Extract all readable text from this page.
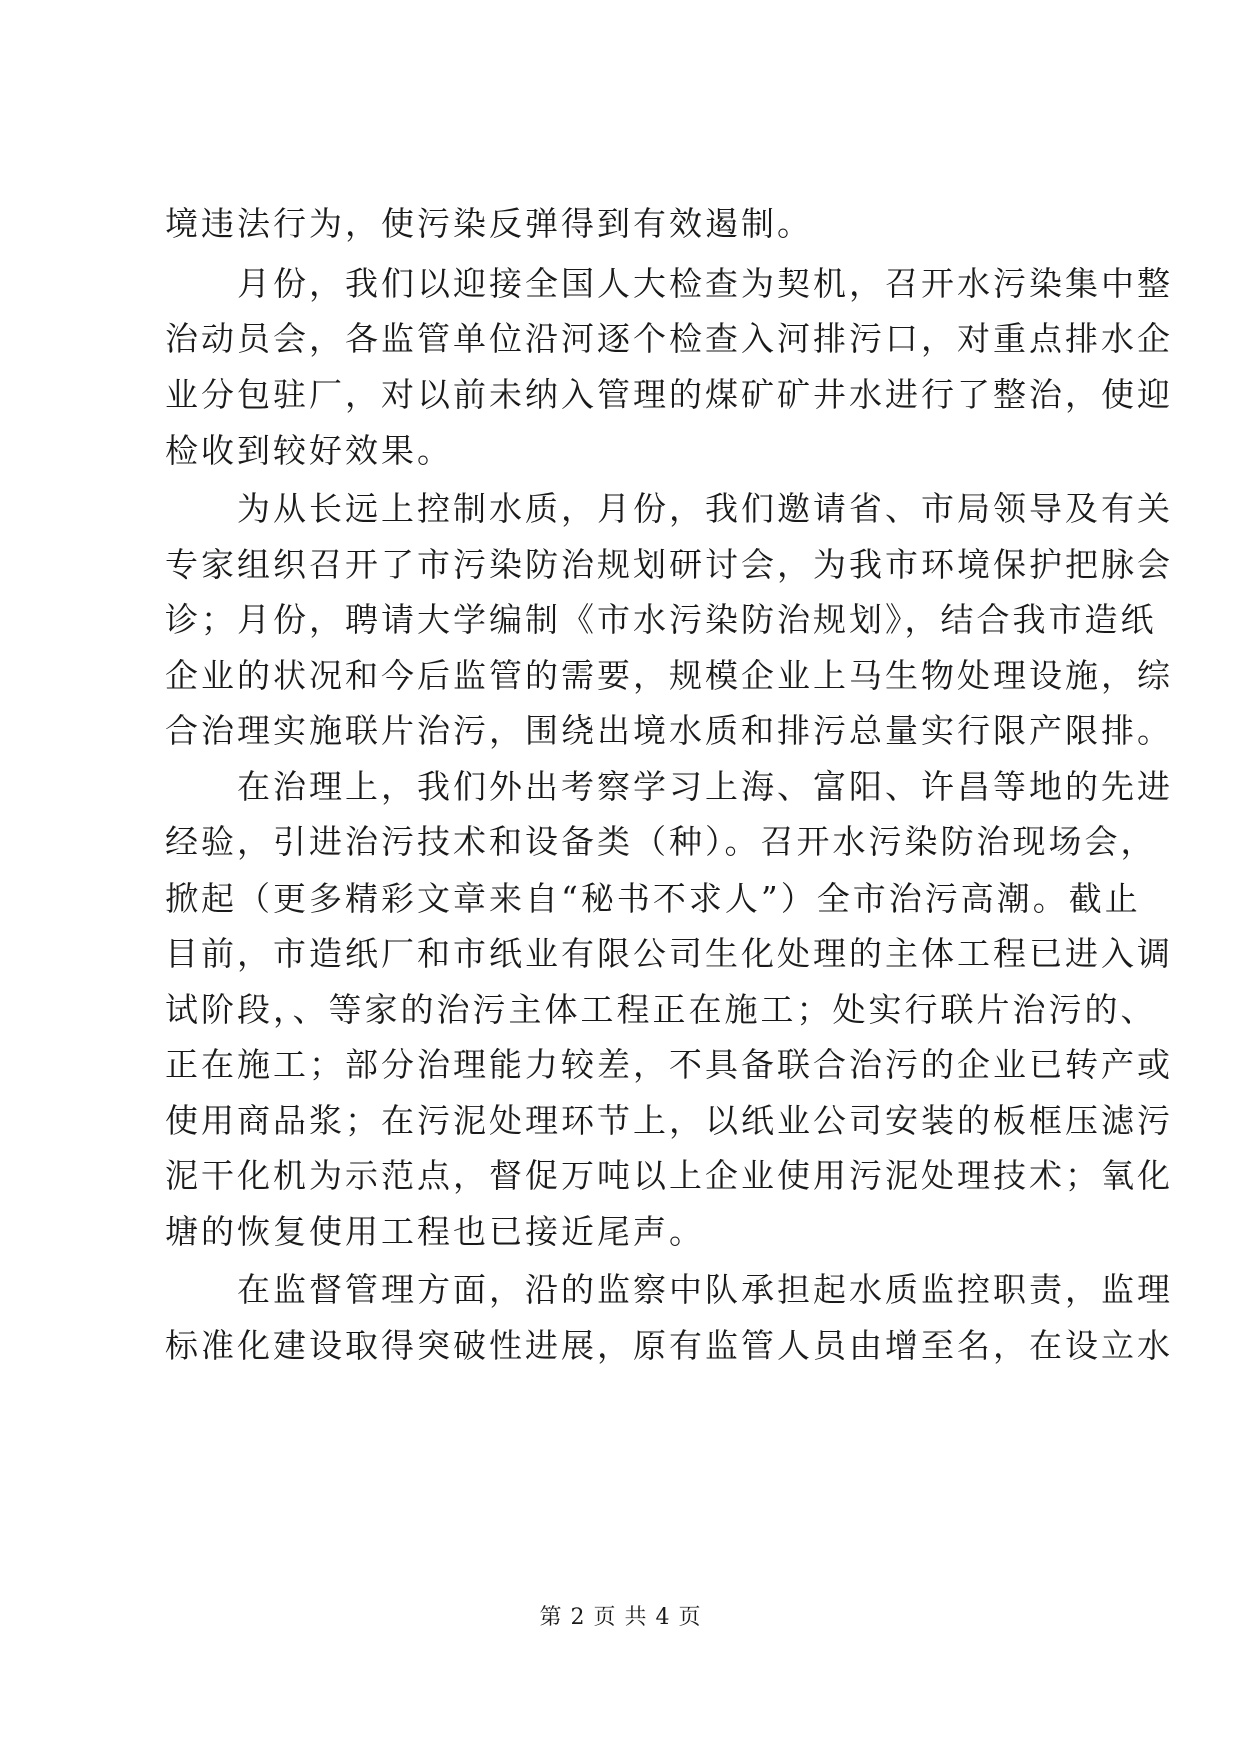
境违法行为，使污染反弹得到有效遏制。
　　月份，我们以迎接全国人大检查为契机，召开水污染集中整
治动员会，各监管单位沿河逐个检查入河排污口，对重点排水企
业分包驻厂，对以前未纳入管理的煤矿矿井水进行了整治，使迎
检收到较好效果。
　　为从长远上控制水质，月份，我们邀请省、市局领导及有关
专家组织召开了市污染防治规划研讨会，为我市环境保护把脉会
诊；月份，聘请大学编制《市水污染防治规划》，结合我市造纸
企业的状况和今后监管的需要，规模企业上马生物处理设施，综
合治理实施联片治污，围绕出境水质和排污总量实行限产限排。
　　在治理上，我们外出考察学习上海、富阳、许昌等地的先进
经验，引进治污技术和设备类（种）。召开水污染防治现场会，
掀起（更多精彩文章来自“秘书不求人”）全市治污高潮。截止
目前，市造纸厂和市纸业有限公司生化处理的主体工程已进入调
试阶段，、等家的治污主体工程正在施工；处实行联片治污的、
正在施工；部分治理能力较差，不具备联合治污的企业已转产或
使用商品浆；在污泥处理环节上，以纸业公司安装的板框压滤污
泥干化机为示范点，督促万吨以上企业使用污泥处理技术；氧化
塘的恢复使用工程也已接近尾声。
　　在监督管理方面，沿的监察中队承担起水质监控职责，监理
标准化建设取得突破性进展，原有监管人员由增至名，在设立水
第 2 页 共 4 页
